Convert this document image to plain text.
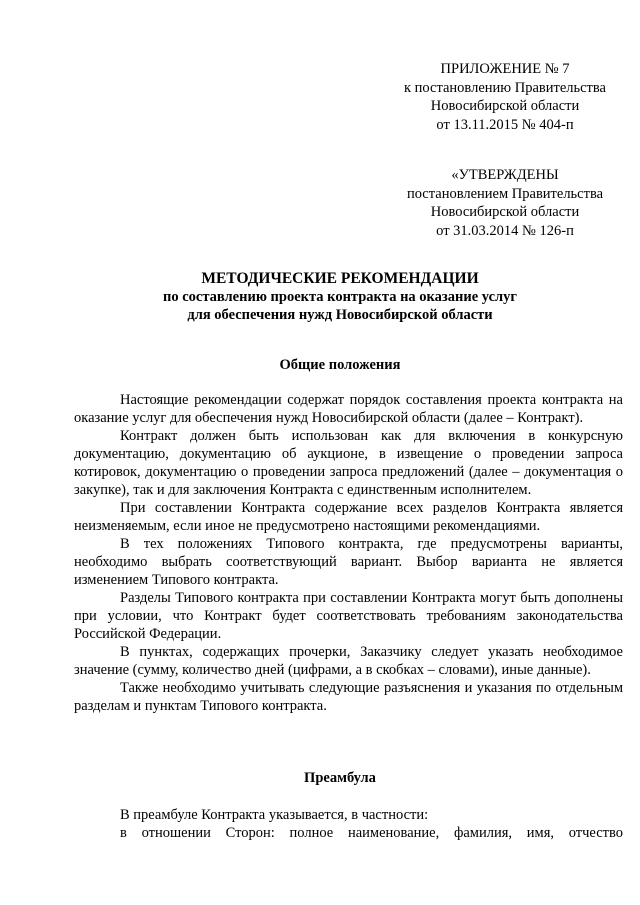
ПРИЛОЖЕНИЕ № 7
к постановлению Правительства
Новосибирской области
от 13.11.2015 № 404-п
«УТВЕРЖДЕНЫ
постановлением Правительства
Новосибирской области
от 31.03.2014 № 126-п
МЕТОДИЧЕСКИЕ РЕКОМЕНДАЦИИ
по составлению проекта контракта на оказание услуг
для обеспечения нужд Новосибирской области
Общие положения

Настоящие рекомендации содержат порядок составления проекта контракта на оказание услуг для обеспечения нужд Новосибирской области (далее – Контракт).

Контракт должен быть использован как для включения в конкурсную документацию, документацию об аукционе, в извещение о проведении запроса котировок, документацию о проведении запроса предложений (далее – документация о закупке), так и для заключения Контракта с единственным исполнителем.

При составлении Контракта содержание всех разделов Контракта является неизменяемым, если иное не предусмотрено настоящими рекомендациями.

В тех положениях Типового контракта, где предусмотрены варианты, необходимо выбрать соответствующий вариант. Выбор варианта не является изменением Типового контракта.

Разделы Типового контракта при составлении Контракта могут быть дополнены при условии, что Контракт будет соответствовать требованиям законодательства Российской Федерации.

В пунктах, содержащих прочерки, Заказчику следует указать необходимое значение (сумму, количество дней (цифрами, а в скобках – словами), иные данные).

Также необходимо учитывать следующие разъяснения и указания по отдельным разделам и пунктам Типового контракта.

Преамбула

В преамбуле Контракта указывается, в частности:

в отношении Сторон: полное наименование, фамилия, имя, отчество
